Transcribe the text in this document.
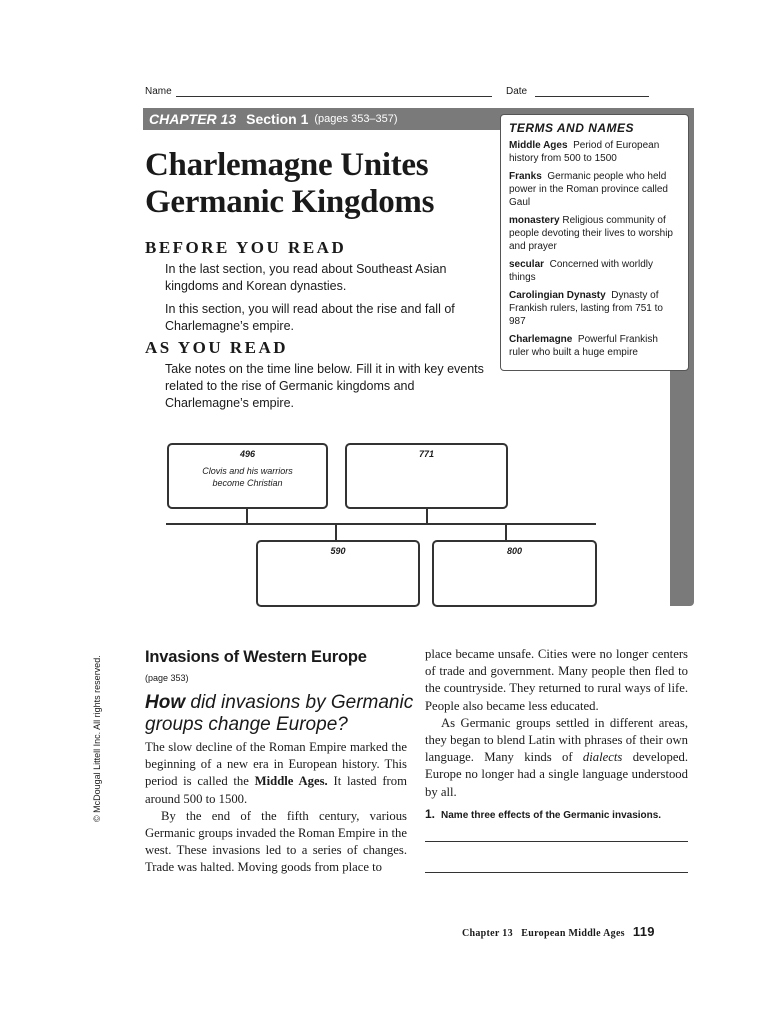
Name	Date
CHAPTER 13 Section 1 (pages 353–357)
Charlemagne Unites
Germanic Kingdoms
BEFORE YOU READ
In the last section, you read about Southeast Asian kingdoms and Korean dynasties.
In this section, you will read about the rise and fall of Charlemagne’s empire.
AS YOU READ
Take notes on the time line below. Fill it in with key events related to the rise of Germanic kingdoms and Charlemagne’s empire.
TERMS AND NAMES
Middle Ages Period of European history from 500 to 1500
Franks Germanic people who held power in the Roman province called Gaul
monastery Religious community of people devoting their lives to worship and prayer
secular Concerned with worldly things
Carolingian Dynasty Dynasty of Frankish rulers, lasting from 751 to 987
Charlemagne Powerful Frankish ruler who built a huge empire
496
Clovis and his warriors
become Christian
771
590	800
© McDougal Littell Inc. All rights reserved.	Invasions of Western Europe
(page 353)
How did invasions by Germanic
groups change Europe?

The slow decline of the Roman Empire marked the beginning of a new era in European history. This period is called the Middle Ages. It lasted from around 500 to 1500.

By the end of the fifth century, various Germanic groups invaded the Roman Empire in the west. These invasions led to a series of changes. Trade was halted. Moving goods from place to

place became unsafe. Cities were no longer centers of trade and government. Many people then fled to the countryside. They returned to rural ways of life. People also became less educated.

As Germanic groups settled in different areas, they began to blend Latin with phrases of their own language. Many kinds of dialects developed. Europe no longer had a single language understood by all.

1. Name three effects of the Germanic invasions.
Chapter 13   European Middle Ages 119
